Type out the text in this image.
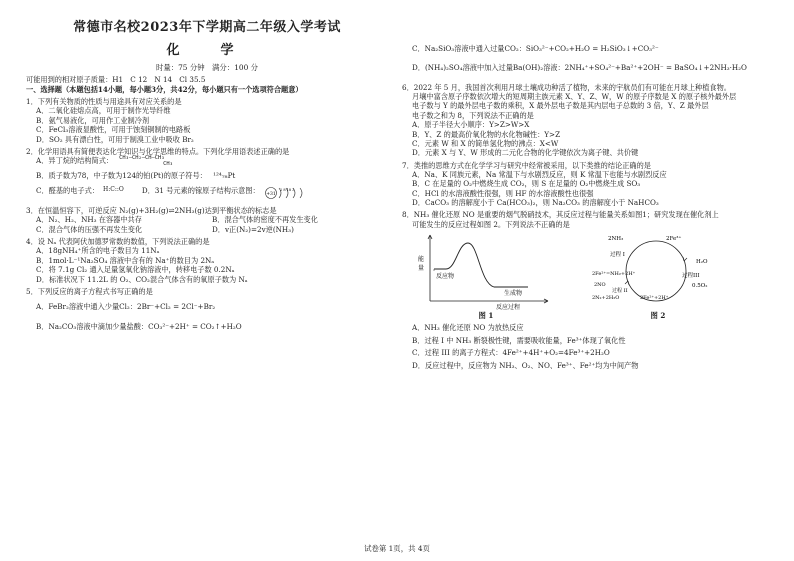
常德市名校2023年下学期高二年级入学考试
化　学
时量：75 分钟　满分：100 分

可能用到的相对原子质量：H1　C 12　N 14　Cl 35.5

一、选择题（本题包括14小题，每小题3分，共42分，每小题只有一个选项符合题意）

1．下列有关物质的性质与用途具有对应关系的是

A．二氧化硅熔点高，可用于制作光导纤维

B．氨气易液化，可用作工业制冷剂

C．FeCl₃溶液显酸性，可用于蚀刻铜制的电路板

D．SO₂ 具有漂白性，可用于制溴工业中吸收 Br₂

2．化学用语具有简便表达化学知识与化学思维的特点。下列化学用语表述正确的是

A．异丁烷的结构简式： CH₃—CH₂—CH—CH₃
CH₃

B．质子数为78，中子数为124的铂(Pt)的原子符号： ¹²⁴₇₈Pt

C．醛基的电子式： H:C::O	D．31 号元素的镓原子结构示意图： +31
2 8 18 3

3．在恒温恒容下，可逆反应 N₂(g)+3H₂(g)⇌2NH₃(g)达到平衡状态的标志是

A．N₂、H₂、NH₃ 在容器中共存	B．混合气体的密度不再发生变化
C．混合气体的压强不再发生变化	D．v正(N₂)=2v逆(NH₃)

4．设 Nₐ 代表阿伏加德罗常数的数值，下列说法正确的是

A．18gNH₄⁺所含的电子数目为 11Nₐ

B．1mol·L⁻¹Na₂SO₄ 溶液中含有的 Na⁺的数目为 2Nₐ

C．将 7.1g Cl₂ 通入足量氢氧化钠溶液中，转移电子数 0.2Nₐ

D．标准状况下 11.2L 的 O₂、CO₂混合气体含有的氧原子数为 Nₐ

5．下列反应的离子方程式书写正确的是

A．FeBr₂溶液中通入少量Cl₂：2Br⁻+Cl₂ = 2Cl⁻+Br₂

B．Na₂CO₃溶液中滴加少量盐酸：CO₃²⁻+2H⁺ = CO₂↑+H₂O

C．Na₂SiO₃溶液中通入过量CO₂：SiO₃²⁻+CO₂+H₂O = H₂SiO₃↓+CO₃²⁻

D．(NH₄)₂SO₄溶液中加入过量Ba(OH)₂溶液：2NH₄⁺+SO₄²⁻+Ba²⁺+2OH⁻ = BaSO₄↓+2NH₃·H₂O

6．2022 年 5 月，我国首次利用月球土壤成功种活了植物，未来的宇航员们有可能在月球上种植食物。

月壤中富含原子序数依次增大的短周期主族元素 X、Y、Z、W，W 的原子序数是 X 的原子核外最外层

电子数与 Y 的最外层电子数的乘积，X 最外层电子数是其内层电子总数的 3 倍，Y、Z 最外层

电子数之和为 8，下列说法不正确的是

A．原子半径大小顺序：Y>Z>W>X

B．Y、Z 的最高价氧化物的水化物碱性：Y>Z

C．元素 W 和 X 的简单氢化物的沸点：X<W

D．元素 X 与 Y、W 形成的二元化合物的化学键依次为离子键、共价键

7．类推的思维方式在化学学习与研究中经常被采用，以下类推的结论正确的是

A．Na、K 同族元素，Na 常温下与水剧烈反应，则 K 常温下也能与水剧烈反应

B．C 在足量的 O₂中燃烧生成 CO₂，则 S 在足量的 O₂中燃烧生成 SO₃

C．HCl 的水溶液酸性很强，则 HF 的水溶液酸性也很强

D．CaCO₃ 的溶解度小于 Ca(HCO₃)₂，则 Na₂CO₃ 的溶解度小于 NaHCO₃

8．NH₃ 催化还原 NO 是重要的烟气脱硝技术，其反应过程与能量关系如图1；研究发现在催化剂上

可能发生的反应过程如图 2。下列说法不正确的是

能
量
反应物
生成物
反应过程
2NH₃	2Fe³⁺
过程 I
2Fe²⁺=NH₂+2H⁺
2NO
过程 II
2N₂+2H₂O	2Fe²⁺+2H⁺
H₂O
过程III
0.5O₂
图 1	图 2

A．NH₃ 催化还原 NO 为放热反应

B．过程 I 中 NH₃ 断裂极性键，需要吸收能量，Fe³⁺体现了氧化性

C．过程 III 的离子方程式：4Fe²⁺+4H⁺+O₂=4Fe³⁺+2H₂O

D．反应过程中，反应物为 NH₃、O₂、NO、Fe³⁺、Fe²⁺均为中间产物

试卷第 1页，共 4页
